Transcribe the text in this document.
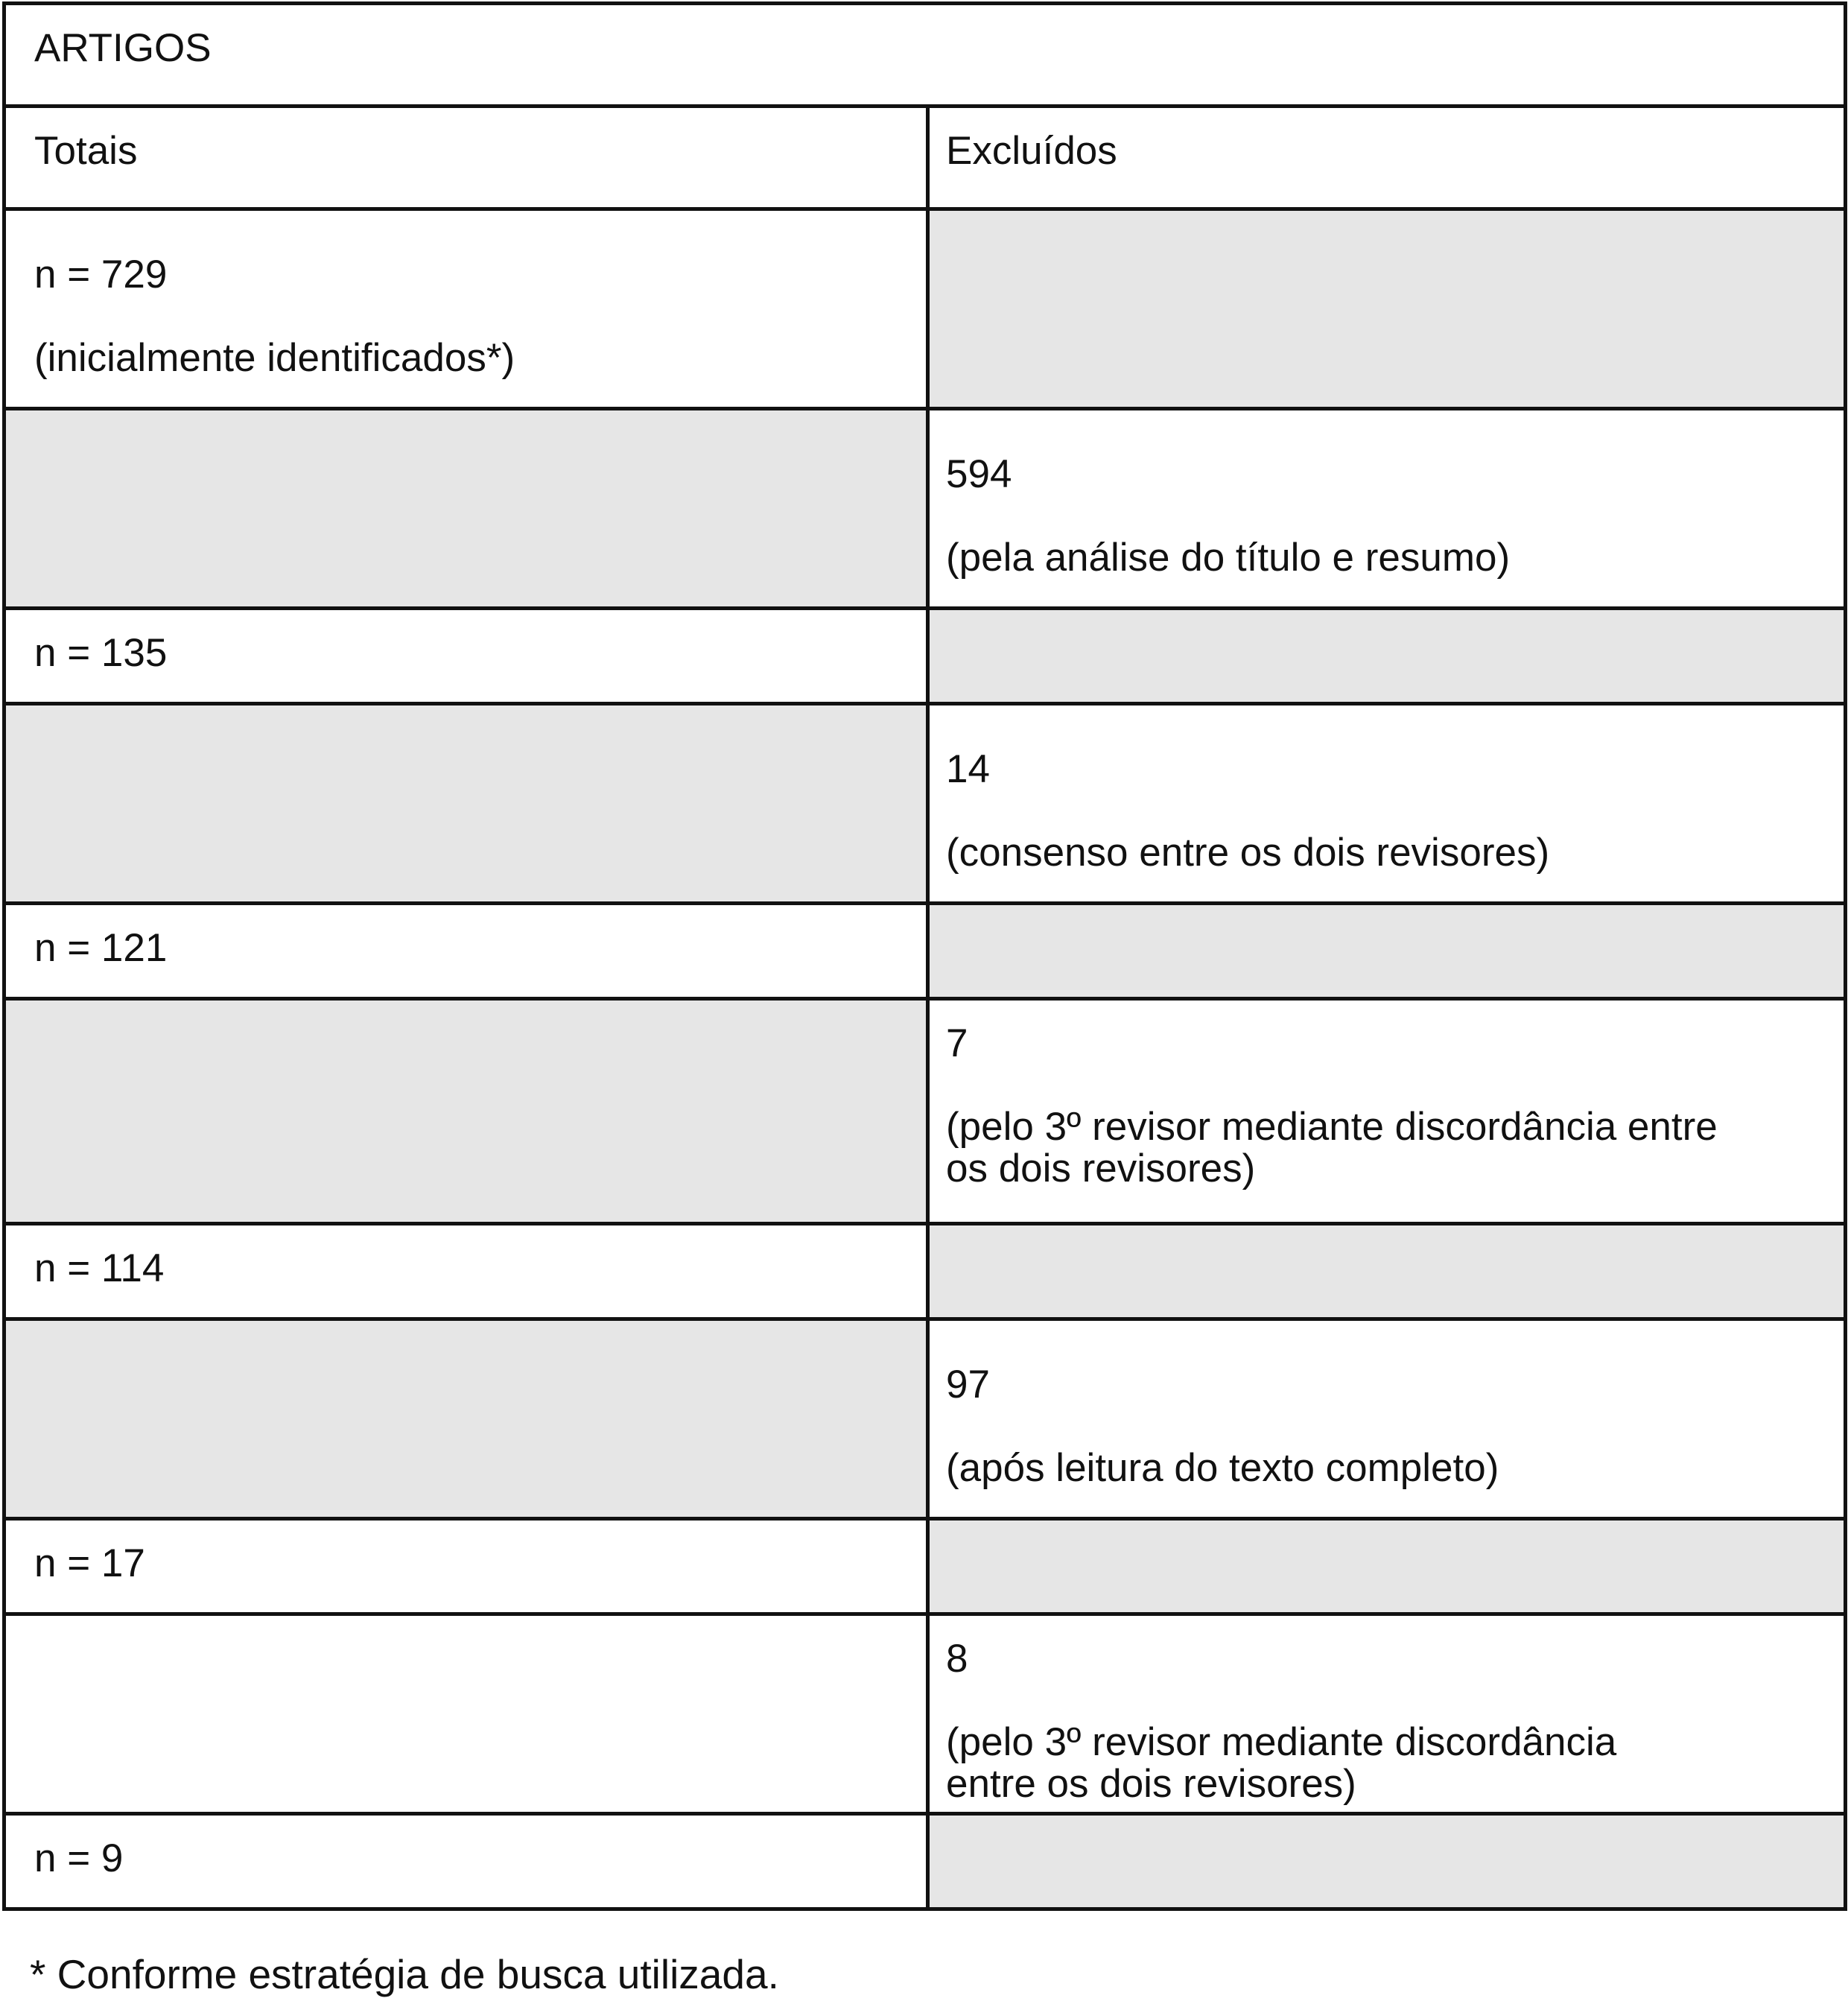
ARTIGOS	

Totais	Excluídos

n = 729
(inicialmente identificados*)	

	594
(pela análise do título e resumo)

n = 135	

	14
(consenso entre os dois revisores)

n = 121	

	7
(pelo 3º revisor mediante discordância entre
os dois revisores)

n = 114	

	97
(após leitura do texto completo)

n = 17	

	8
(pelo 3º revisor mediante discordância
entre os dois revisores)

n = 9	

* Conforme estratégia de busca utilizada.
